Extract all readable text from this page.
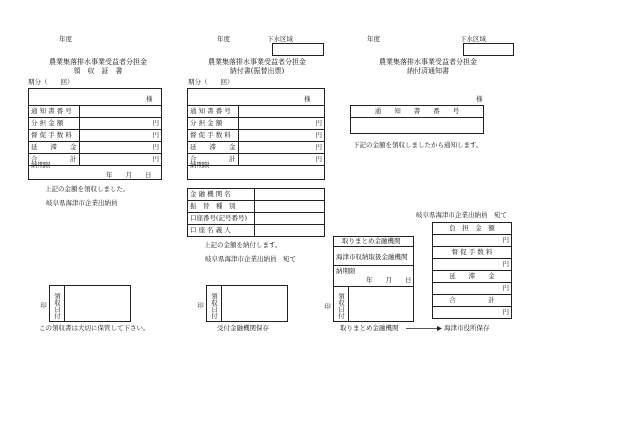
年度	年度	下水区域	年度	下水区域
農業集落排水事業受益者分担金
領　収　証　書
期分（　　回）
様
通 知 書 番 号	
分 担 金 額	円
督 促 手 数 料	円
延　　滞　　金	円
合　　　　　計	円
納期限
年　　月　　日
上記の金額を領収しました。
岐阜県海津市企業出納員
領収日付印
この領収書は大切に保管して下さい。
農業集落排水事業受益者分担金
納付書(振替出票)
期分（　　回）
様
通 知 書 番 号	
分 担 金 額	円
督 促 手 数 料	円
延　　滞　　金	円
合　　　　　計	円
納期限
金 融 機 関 名	
振　替　種　別	
口座番号(記号番号)	
口 座 名 義 人	
上記の金額を納付します。
岐阜県海津市企業出納員　宛て
領収日付印
受付金融機関保存
農業集落排水事業受益者分担金
納付済通知書
様
通　　知　　書　　番　　号

下記の金額を領収しましたから通知します。
岐阜県海津市企業出納員　宛て
取りまとめ金融機関
海津市収納取扱金融機関
納期限
年　　月　　日
領収日付印
負　担　金　額
円
督 促 手 数 料
円
延　　滞　　金
円
合　　　　　計
円
取りまとめ金融機関	海津市役所保存
